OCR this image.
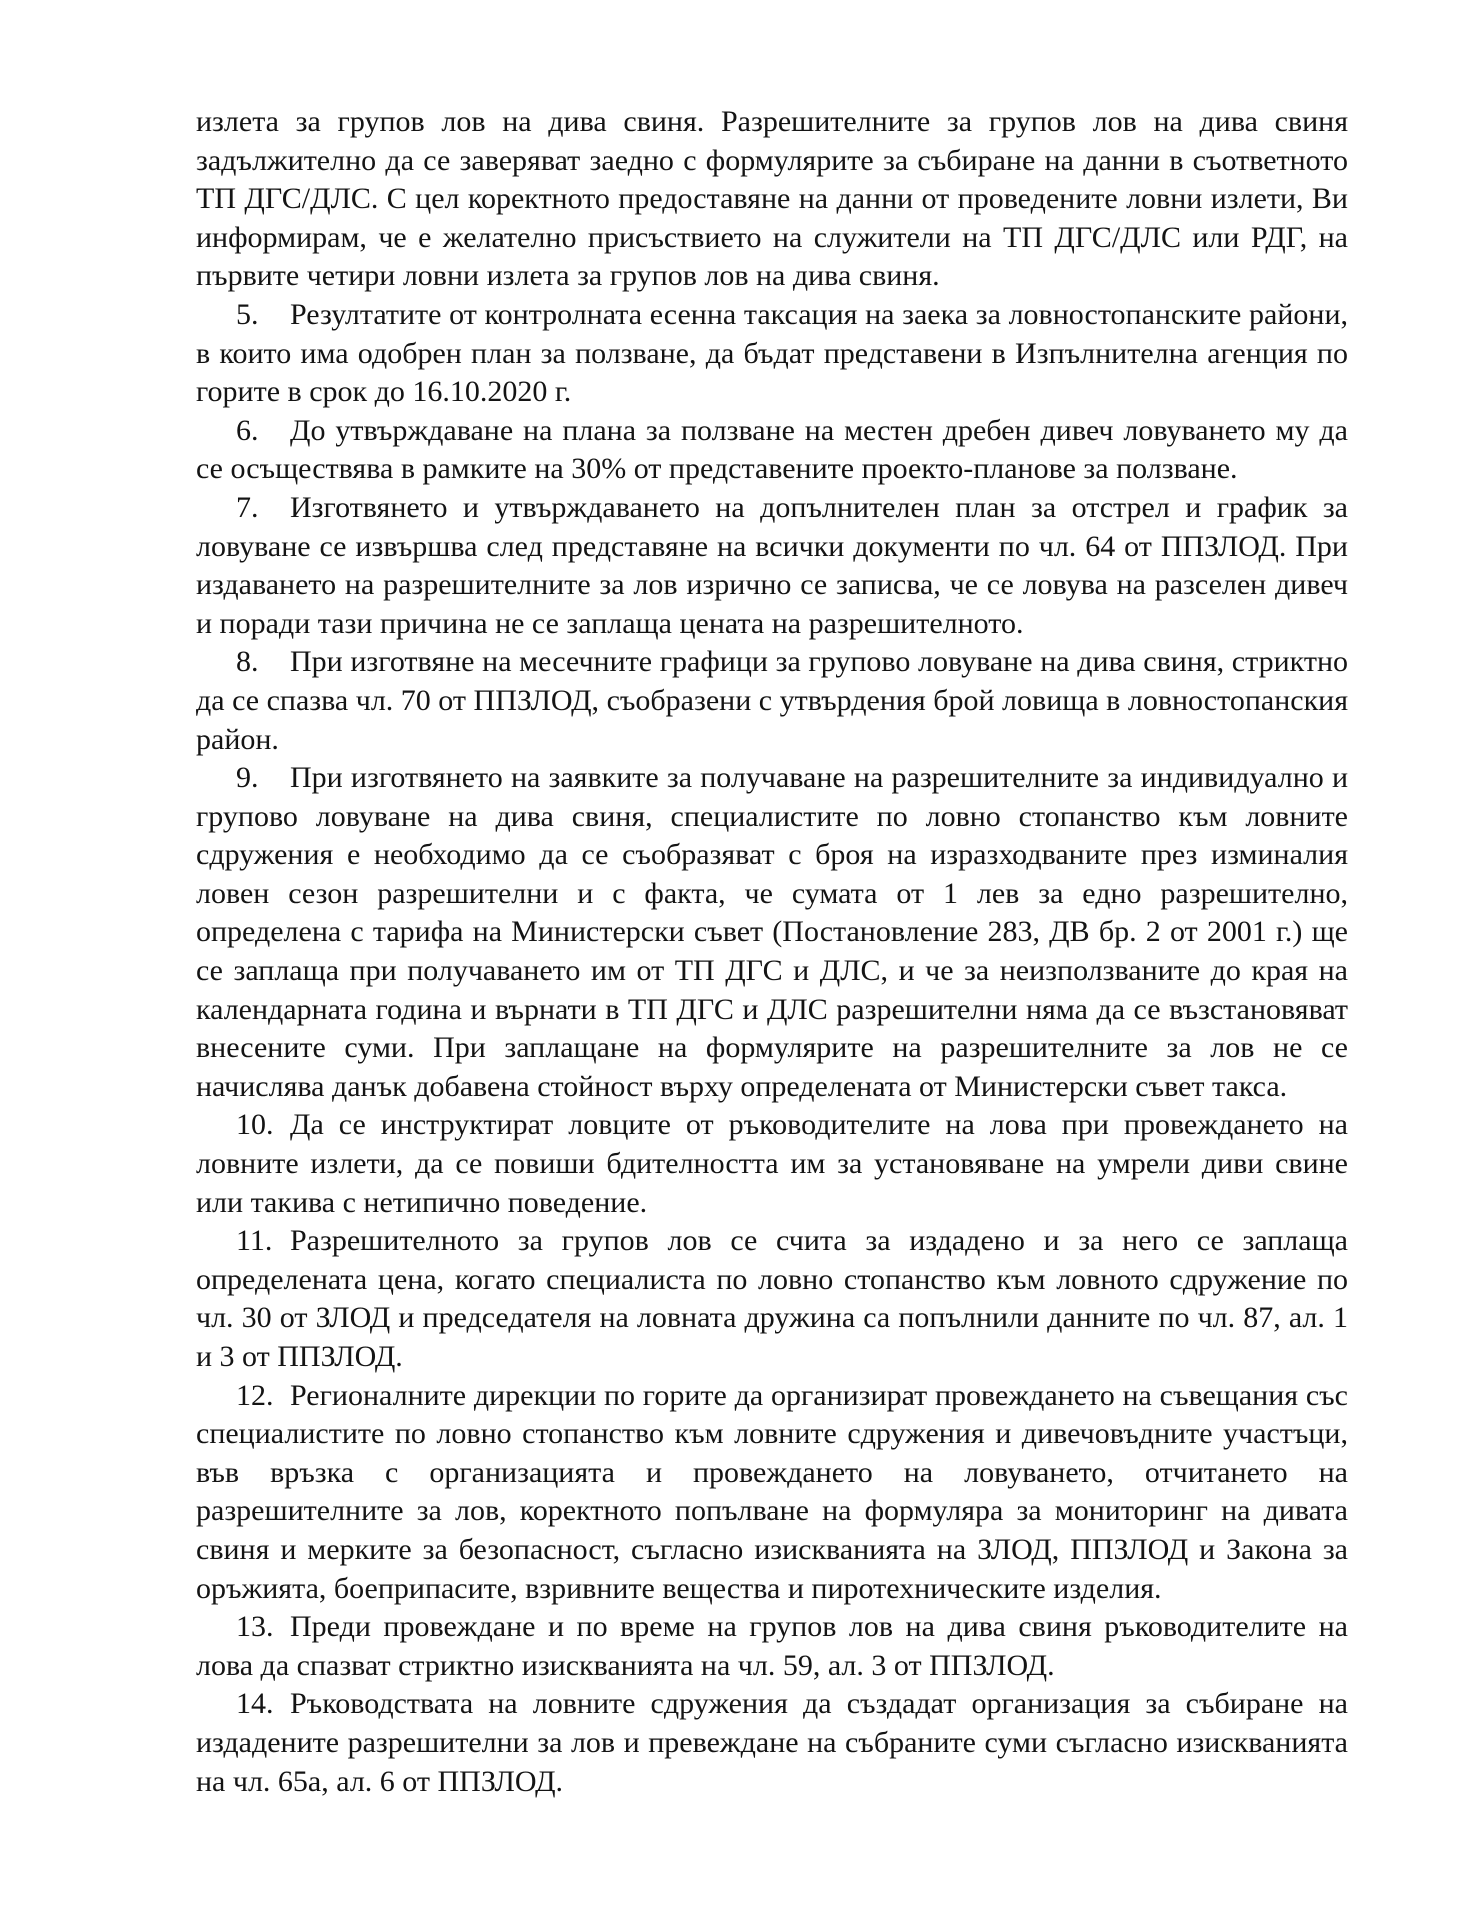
излета за групов лов на дива свиня. Разрешителните за групов лов на дива свиня задължително да се заверяват заедно с формулярите за събиране на данни в съответното ТП ДГС/ДЛС. С цел коректното предоставяне на данни от проведените ловни излети, Ви информирам, че е желателно присъствието на служители на ТП ДГС/ДЛС или РДГ, на първите четири ловни излета за групов лов на дива свиня.

5. Резултатите от контролната есенна таксация на заека за ловностопанските райони, в които има одобрен план за ползване, да бъдат представени в Изпълнителна агенция по горите в срок до 16.10.2020 г.

6. До утвърждаване на плана за ползване на местен дребен дивеч ловуването му да се осъществява в рамките на 30% от представените проекто-планове за ползване.

7. Изготвянето и утвърждаването на допълнителен план за отстрел и график за ловуване се извършва след представяне на всички документи по чл. 64 от ППЗЛОД. При издаването на разрешителните за лов изрично се записва, че се ловува на разселен дивеч и поради тази причина не се заплаща цената на разрешителното.

8. При изготвяне на месечните графици за групово ловуване на дива свиня, стриктно да се спазва чл. 70 от ППЗЛОД, съобразени с утвърдения брой ловища в ловностопанския район.

9. При изготвянето на заявките за получаване на разрешителните за индивидуално и групово ловуване на дива свиня, специалистите по ловно стопанство към ловните сдружения е необходимо да се съобразяват с броя на изразходваните през изминалия ловен сезон разрешителни и с факта, че сумата от 1 лев за едно разрешително, определена с тарифа на Министерски съвет (Постановление 283, ДВ бр. 2 от 2001 г.) ще се заплаща при получаването им от ТП ДГС и ДЛС, и че за неизползваните до края на календарната година и върнати в ТП ДГС и ДЛС разрешителни няма да се възстановяват внесените суми. При заплащане на формулярите на разрешителните за лов не се начислява данък добавена стойност върху определената от Министерски съвет такса.

10. Да се инструктират ловците от ръководителите на лова при провеждането на ловните излети, да се повиши бдителността им за установяване на умрели диви свине или такива с нетипично поведение.

11. Разрешителното за групов лов се счита за издадено и за него се заплаща определената цена, когато специалиста по ловно стопанство към ловното сдружение по чл. 30 от ЗЛОД и председателя на ловната дружина са попълнили данните по чл. 87, ал. 1 и 3 от ППЗЛОД.

12. Регионалните дирекции по горите да организират провеждането на съвещания със специалистите по ловно стопанство към ловните сдружения и дивечовъдните участъци, във връзка с организацията и провеждането на ловуването, отчитането на разрешителните за лов, коректното попълване на формуляра за мониторинг на дивата свиня и мерките за безопасност, съгласно изискванията на ЗЛОД, ППЗЛОД и Закона за оръжията, боеприпасите, взривните вещества и пиротехническите изделия.

13. Преди провеждане и по време на групов лов на дива свиня ръководителите на лова да спазват стриктно изискванията на чл. 59, ал. 3 от ППЗЛОД.

14. Ръководствата на ловните сдружения да създадат организация за събиране на издадените разрешителни за лов и превеждане на събраните суми съгласно изискванията на чл. 65а, ал. 6 от ППЗЛОД.
